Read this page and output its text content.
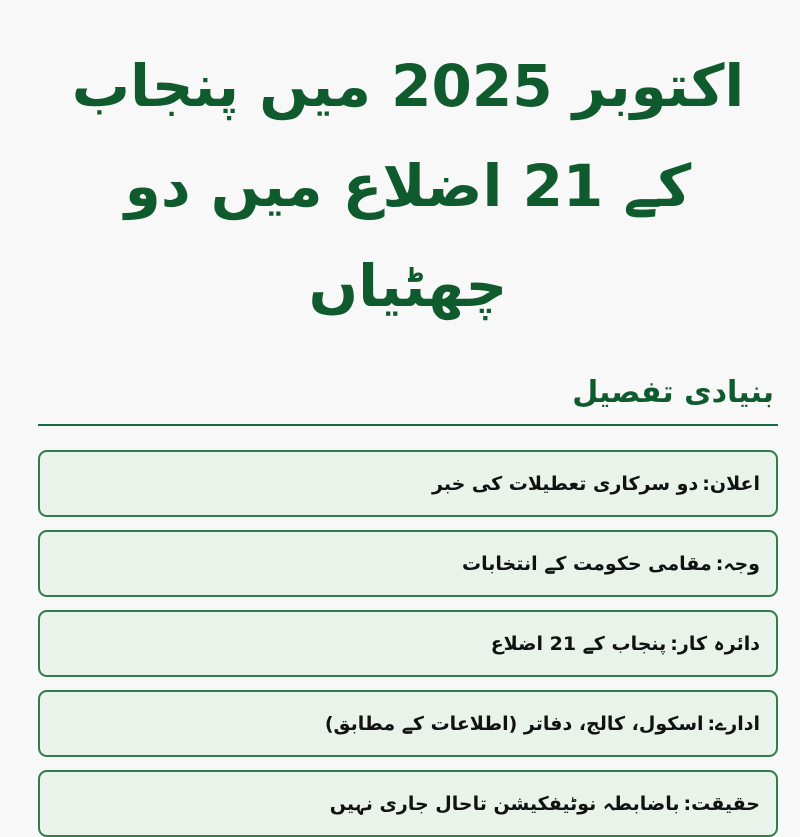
اکتوبر 2025 میں پنجاب کے 21 اضلاع میں دو چھٹیاں
بنیادی تفصیل
اعلان
:
دو سرکاری تعطیلات کی خبر
وجہ
:
مقامی حکومت کے انتخابات
دائرہ کار
:
پنجاب کے 21 اضلاع
ادارے
:
اسکول، کالج، دفاتر (اطلاعات کے مطابق)
حقیقت
:
باضابطہ نوٹیفکیشن تاحال جاری نہیں
